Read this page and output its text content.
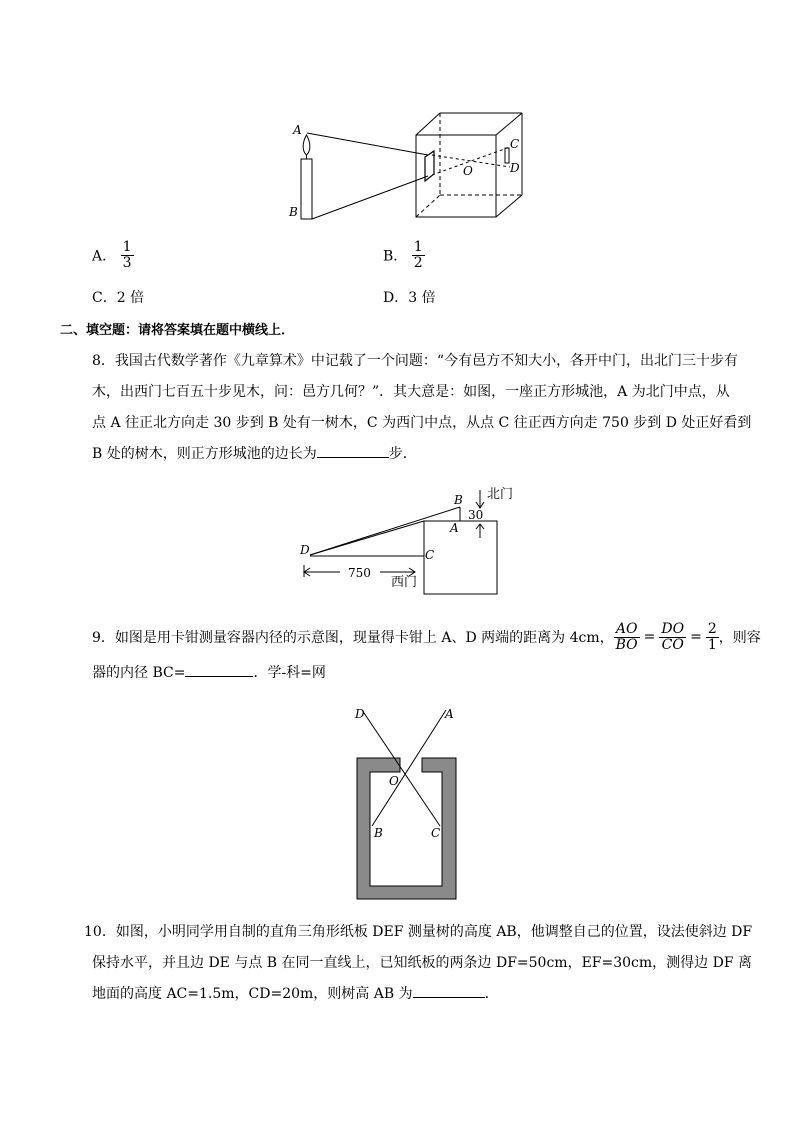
A
B
C
D
O
A． $\frac{1}{3}$	B． $\frac{1}{2}$
C．2 倍	D．3 倍
二、填空题：请将答案填在题中横线上．
8．我国古代数学著作《九章算术》中记载了一个问题：“今有邑方不知大小，各开中门，出北门三十步有
木，出西门七百五十步见木，问：邑方几何？”．其大意是：如图，一座正方形城池，A 为北门中点，从
点 A 往正北方向走 30 步到 B 处有一树木，C 为西门中点，从点 C 往正西方向走 750 步到 D 处正好看到
B 处的树木，则正方形城池的边长为	步．
B
A
C
D
北门
西门
30
750
9．如图是用卡钳测量容器内径的示意图，现量得卡钳上 A、D 两端的距离为 4cm， $\frac{AO}{BO} = \frac{DO}{CO} = \frac{2}{1}$ ，则容
器的内径 BC=	．学-科=网
D	A
O
B	C
10．如图，小明同学用自制的直角三角形纸板 DEF 测量树的高度 AB，他调整自己的位置，设法使斜边 DF
保持水平，并且边 DE 与点 B 在同一直线上，已知纸板的两条边 DF=50cm，EF=30cm，测得边 DF 离
地面的高度 AC=1.5m，CD=20m，则树高 AB 为	．
